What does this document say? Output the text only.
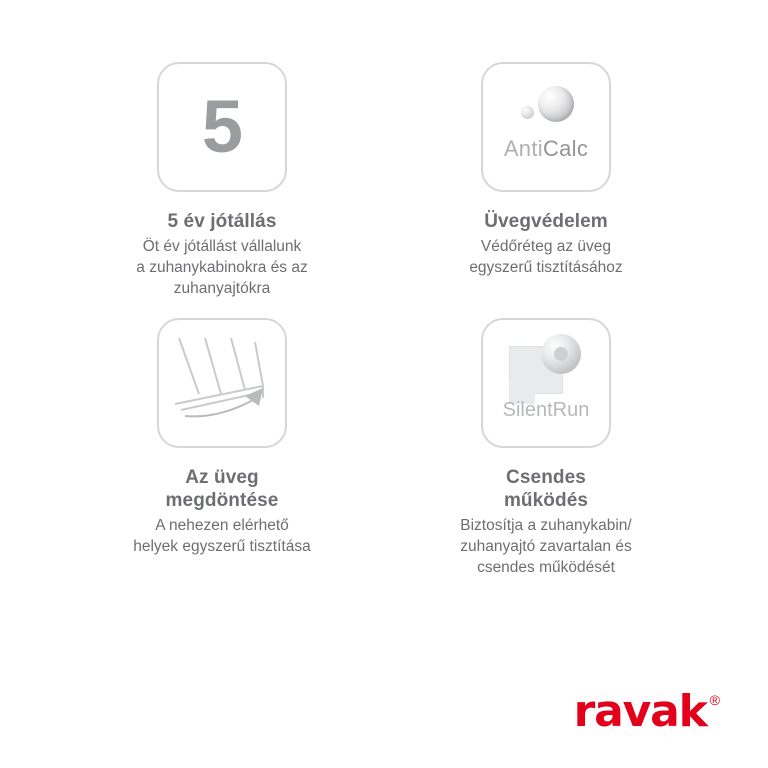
5
5 év jótállás
Öt év jótállást vállalunk
a zuhanykabinokra és az
zuhanyajtókra
AntiCalc
Üvegvédelem
Védőréteg az üveg
egyszerű tisztításához
Az üveg
megdöntése
A nehezen elérhető
helyek egyszerű tisztítása
SilentRun
Csendes
működés
Biztosítja a zuhanykabin/
zuhanyajtó zavartalan és
csendes működését
ravak ®
